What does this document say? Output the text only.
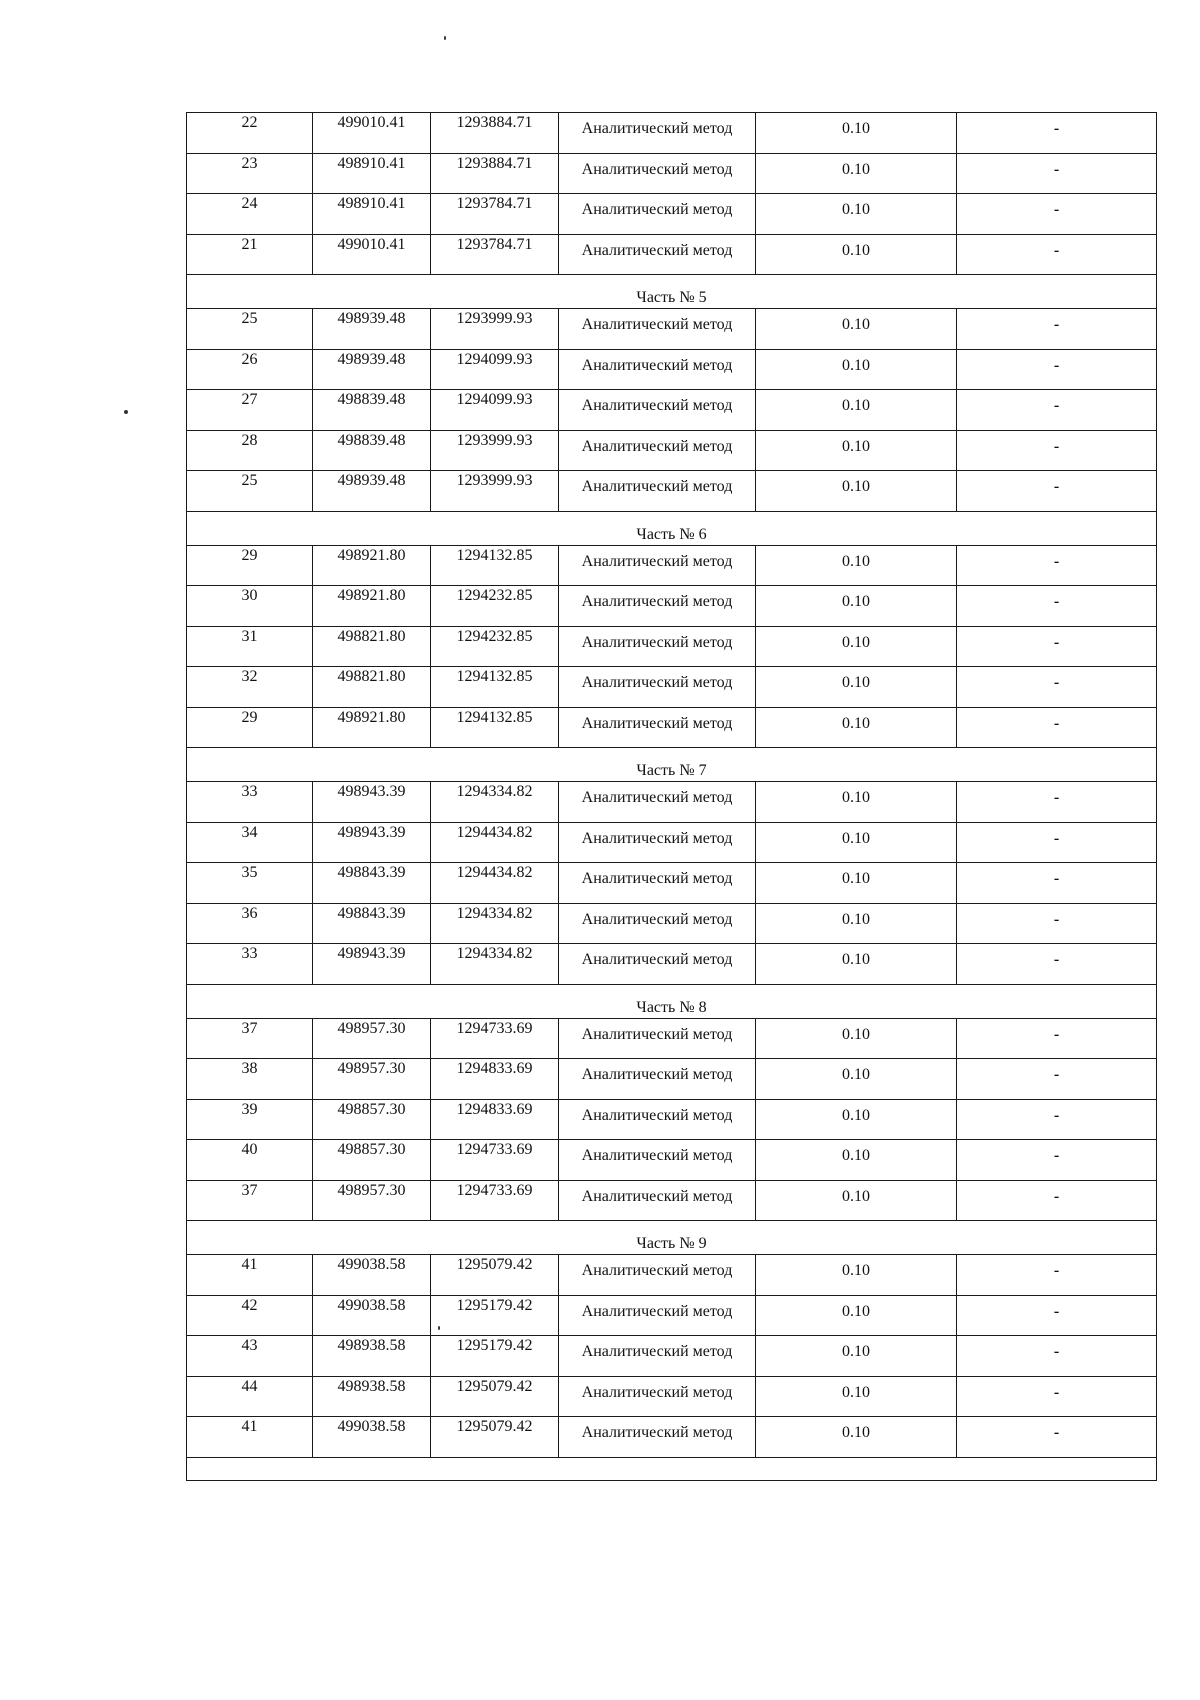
22	499010.41	1293884.71	Аналитический метод	0.10	-
23	498910.41	1293884.71	Аналитический метод	0.10	-
24	498910.41	1293784.71	Аналитический метод	0.10	-
21	499010.41	1293784.71	Аналитический метод	0.10	-
Часть № 5					
25	498939.48	1293999.93	Аналитический метод	0.10	-
26	498939.48	1294099.93	Аналитический метод	0.10	-
27	498839.48	1294099.93	Аналитический метод	0.10	-
28	498839.48	1293999.93	Аналитический метод	0.10	-
25	498939.48	1293999.93	Аналитический метод	0.10	-
Часть № 6					
29	498921.80	1294132.85	Аналитический метод	0.10	-
30	498921.80	1294232.85	Аналитический метод	0.10	-
31	498821.80	1294232.85	Аналитический метод	0.10	-
32	498821.80	1294132.85	Аналитический метод	0.10	-
29	498921.80	1294132.85	Аналитический метод	0.10	-
Часть № 7					
33	498943.39	1294334.82	Аналитический метод	0.10	-
34	498943.39	1294434.82	Аналитический метод	0.10	-
35	498843.39	1294434.82	Аналитический метод	0.10	-
36	498843.39	1294334.82	Аналитический метод	0.10	-
33	498943.39	1294334.82	Аналитический метод	0.10	-
Часть № 8					
37	498957.30	1294733.69	Аналитический метод	0.10	-
38	498957.30	1294833.69	Аналитический метод	0.10	-
39	498857.30	1294833.69	Аналитический метод	0.10	-
40	498857.30	1294733.69	Аналитический метод	0.10	-
37	498957.30	1294733.69	Аналитический метод	0.10	-
Часть № 9					
41	499038.58	1295079.42	Аналитический метод	0.10	-
42	499038.58	1295179.42	Аналитический метод	0.10	-
43	498938.58	1295179.42	Аналитический метод	0.10	-
44	498938.58	1295079.42	Аналитический метод	0.10	-
41	499038.58	1295079.42	Аналитический метод	0.10	-
